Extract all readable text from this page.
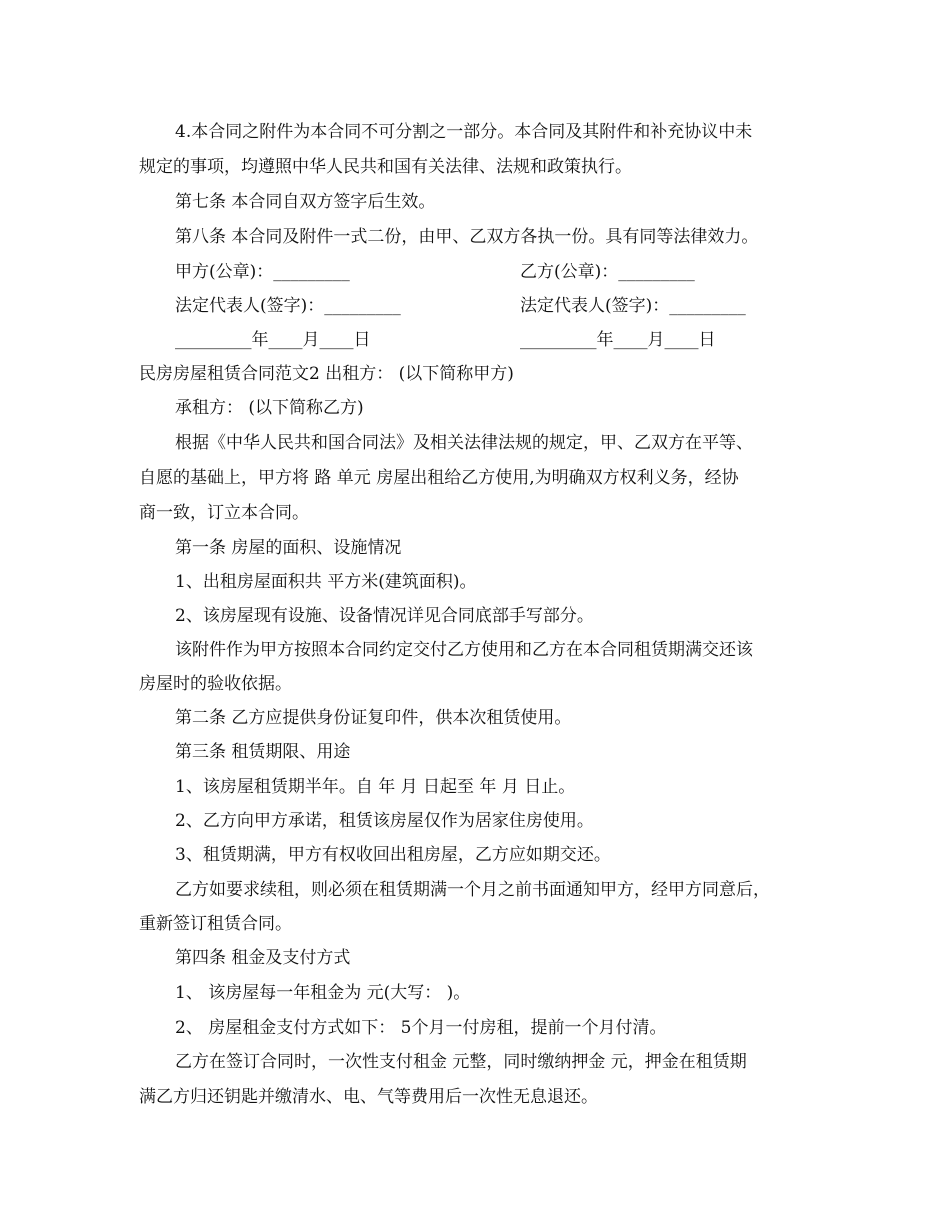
4.本合同之附件为本合同不可分割之一部分。本合同及其附件和补充协议中未
规定的事项，均遵照中华人民共和国有关法律、法规和政策执行。
第七条 本合同自双方签字后生效。
第八条 本合同及附件一式二份，由甲、乙双方各执一份。具有同等法律效力。
甲方(公章)：_________	乙方(公章)：_________
法定代表人(签字)：_________	法定代表人(签字)：_________
_________年____月____日	_________年____月____日
民房房屋租赁合同范文2 出租方： (以下简称甲方)
承租方： (以下简称乙方)
根据《中华人民共和国合同法》及相关法律法规的规定，甲、乙双方在平等、
自愿的基础上，甲方将 路 单元 房屋出租给乙方使用,为明确双方权利义务，经协
商一致，订立本合同。
第一条 房屋的面积、设施情况
1、出租房屋面积共 平方米(建筑面积)。
2、该房屋现有设施、设备情况详见合同底部手写部分。
该附件作为甲方按照本合同约定交付乙方使用和乙方在本合同租赁期满交还该
房屋时的验收依据。
第二条 乙方应提供身份证复印件，供本次租赁使用。
第三条 租赁期限、用途
1、该房屋租赁期半年。自 年 月 日起至 年 月 日止。
2、乙方向甲方承诺，租赁该房屋仅作为居家住房使用。
3、租赁期满，甲方有权收回出租房屋，乙方应如期交还。
乙方如要求续租，则必须在租赁期满一个月之前书面通知甲方，经甲方同意后，
重新签订租赁合同。
第四条 租金及支付方式
1、 该房屋每一年租金为 元(大写： )。
2、 房屋租金支付方式如下： 5个月一付房租，提前一个月付清。
乙方在签订合同时，一次性支付租金 元整，同时缴纳押金 元，押金在租赁期
满乙方归还钥匙并缴清水、电、气等费用后一次性无息退还。
